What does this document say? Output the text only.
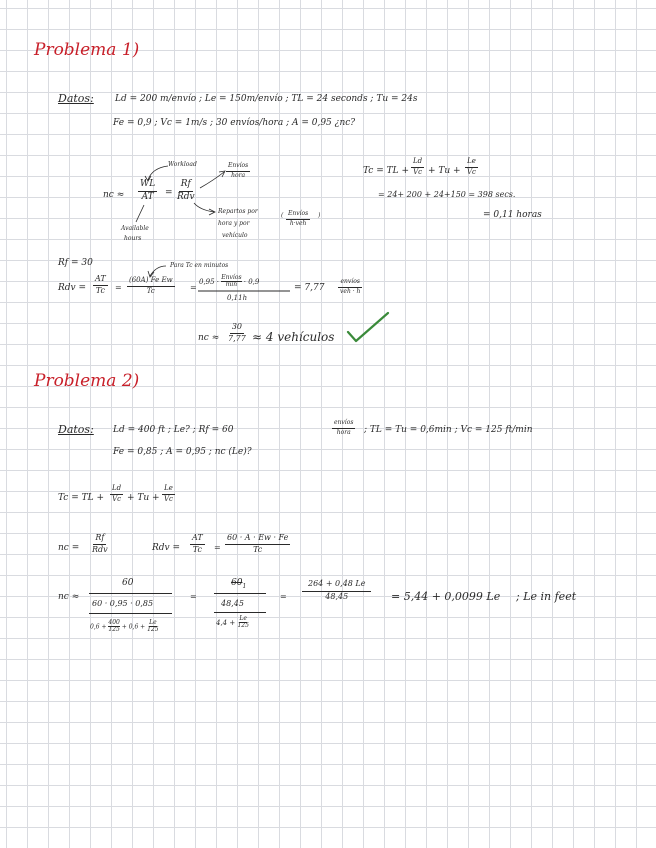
Problema 1)
Datos: Ld = 200 m/envío ; Le = 150m/envío ; TL = 24 seconds ; Tu = 24s
Fe = 0,9 ; Vc = 1m/s ; 30 envíos/hora ; A = 0,95 ¿nc?
nc ≈ $\frac{WL}{AT}$ =
Rf
Rdv
Workload	Envíos
hora
Available
hours
Repartos por
hora y por
vehículo
( Envíos
h·veh
)
Tc = TL + $\frac{Ld}{Vc} + Tu + \frac{Le}{Vc}$
= 24+ 200 + 24+150 = 398 secs.
= 0,11 horas
Rf = 30	Para Tc en minutos
Rdv = $\frac{AT}{Tc} = \frac{\text{(60A) Fe Ew}}{Tc}$ =
0,95 ·
Envíos
min · 0,9
0,11h
= 7,77
envíos
veh · h
nc ≈ $\frac{30}{7,77} \approx 4$ vehículos
Problema 2)
Datos: Ld = 400 ft ; Le? ; Rf = 60
envíos
hora ; TL = Tu = 0,6min ; Vc = 125 ft/min
Fe = 0,85 ; A = 0,95 ; nc (Le)?
Tc = TL + $\frac{Ld}{Vc} + Tu + \frac{Le}{Vc}$
nc =
Rf
Rdv	Rdv = $\frac{AT}{Tc} = \frac{60 \cdot A \cdot Ew \cdot Fe}{Tc}$
nc ≈
60
60 · 0,95 · 0,85
$0,6 + \frac{400}{125} + 0,6 + \frac{Le}{125}$
=
$60_1$
48,45
$4,4 + \frac{Le}{125}$
= $\frac{264 + 0,48 Le}{48,45} = 5,44 + 0,0099$ Le ; Le in feet
